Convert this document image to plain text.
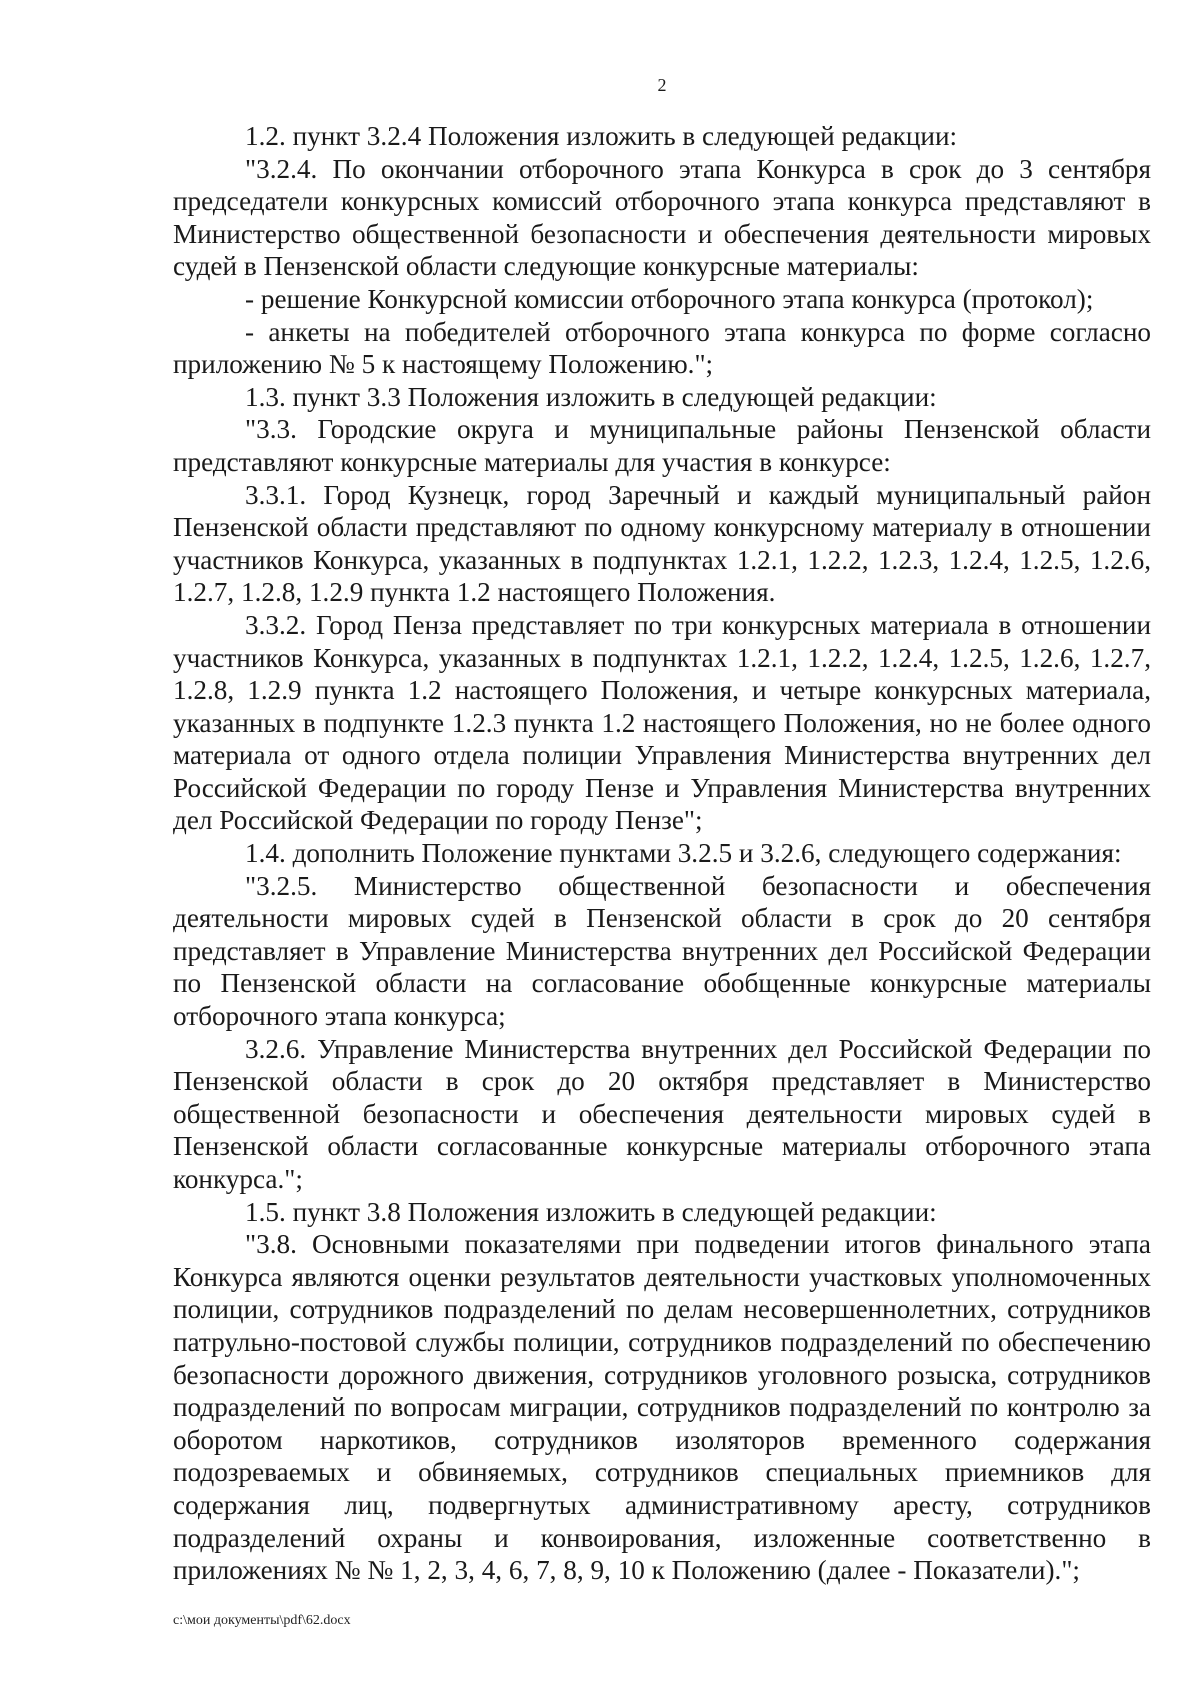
2

1.2. пункт 3.2.4 Положения изложить в следующей редакции:

"3.2.4. По окончании отборочного этапа Конкурса в срок до 3 сентября председатели конкурсных комиссий отборочного этапа конкурса представляют в Министерство общественной безопасности и обеспечения деятельности мировых судей в Пензенской области следующие конкурсные материалы:

- решение Конкурсной комиссии отборочного этапа конкурса (протокол);

- анкеты на победителей отборочного этапа конкурса по форме согласно приложению № 5 к настоящему Положению.";

1.3. пункт 3.3 Положения изложить в следующей редакции:

"3.3. Городские округа и муниципальные районы Пензенской области представляют конкурсные материалы для участия в конкурсе:

3.3.1. Город Кузнецк, город Заречный и каждый муниципальный район Пензенской области представляют по одному конкурсному материалу в отношении участников Конкурса, указанных в подпунктах 1.2.1, 1.2.2, 1.2.3, 1.2.4, 1.2.5, 1.2.6, 1.2.7, 1.2.8, 1.2.9 пункта 1.2 настоящего Положения.

3.3.2. Город Пенза представляет по три конкурсных материала в отношении участников Конкурса, указанных в подпунктах 1.2.1, 1.2.2, 1.2.4, 1.2.5, 1.2.6, 1.2.7, 1.2.8, 1.2.9 пункта 1.2 настоящего Положения, и четыре конкурсных материала, указанных в подпункте 1.2.3 пункта 1.2 настоящего Положения, но не более одного материала от одного отдела полиции Управления Министерства внутренних дел Российской Федерации по городу Пензе и Управления Министерства внутренних дел Российской Федерации по городу Пензе";

1.4. дополнить Положение пунктами 3.2.5 и 3.2.6, следующего содержания:

"3.2.5. Министерство общественной безопасности и обеспечения деятельности мировых судей в Пензенской области в срок до 20 сентября представляет в Управление Министерства внутренних дел Российской Федерации по Пензенской области на согласование обобщенные конкурсные материалы отборочного этапа конкурса;

3.2.6. Управление Министерства внутренних дел Российской Федерации по Пензенской области в срок до 20 октября представляет в Министерство общественной безопасности и обеспечения деятельности мировых судей в Пензенской области согласованные конкурсные материалы отборочного этапа конкурса.";

1.5. пункт 3.8 Положения изложить в следующей редакции:

"3.8. Основными показателями при подведении итогов финального этапа Конкурса являются оценки результатов деятельности участковых уполномоченных полиции, сотрудников подразделений по делам несовершеннолетних, сотрудников патрульно-постовой службы полиции, сотрудников подразделений по обеспечению безопасности дорожного движения, сотрудников уголовного розыска, сотрудников подразделений по вопросам миграции, сотрудников подразделений по контролю за оборотом наркотиков, сотрудников изоляторов временного содержания подозреваемых и обвиняемых, сотрудников специальных приемников для содержания лиц, подвергнутых административному аресту, сотрудников подразделений охраны и конвоирования, изложенные соответственно в приложениях № № 1, 2, 3, 4, 6, 7, 8, 9, 10 к Положению (далее - Показатели).";

c:\мои документы\pdf\62.docx
